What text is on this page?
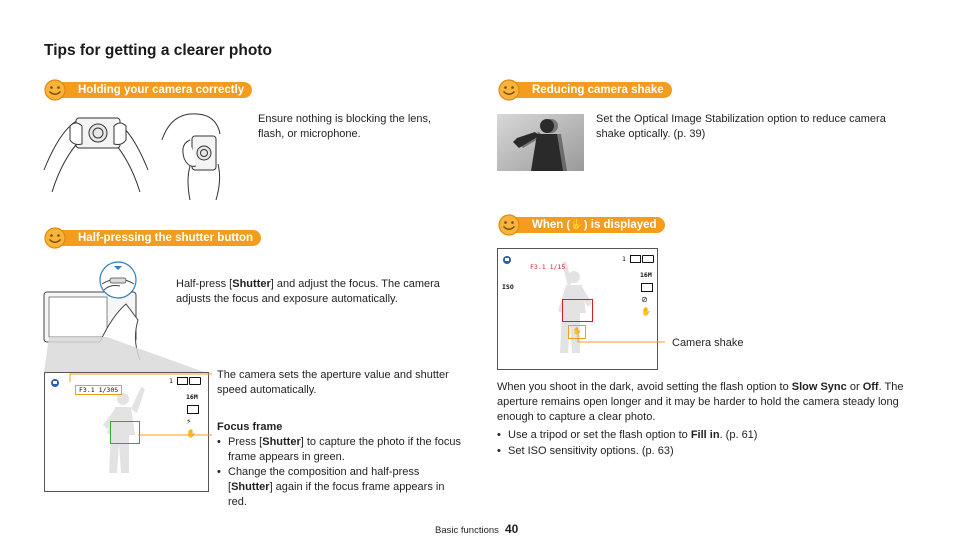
Tips for getting a clearer photo
Holding your camera correctly
Ensure nothing is blocking the lens, flash, or microphone.
Half-pressing the shutter button
Half-press [Shutter] and adjust the focus. The camera adjusts the focus and exposure automatically.
F3.1 1/30S
1
16M
⚡
✋
The camera sets the aperture value and shutter speed automatically.
Focus frame
• Press [Shutter] to capture the photo if the focus frame appears in green.
• Change the composition and half-press [Shutter] again if the focus frame appears in red.
Reducing camera shake
Set the Optical Image Stabilization option to reduce camera shake optically. (p. 39)
When (✋) is displayed
F3.1 1/15
ISO
1
16M
⊘
✋
✋
Camera shake
When you shoot in the dark, avoid setting the flash option to Slow Sync or Off. The aperture remains open longer and it may be harder to hold the camera steady long enough to capture a clear photo.
• Use a tripod or set the flash option to Fill in. (p. 61)
• Set ISO sensitivity options. (p. 63)
Basic functions 40
